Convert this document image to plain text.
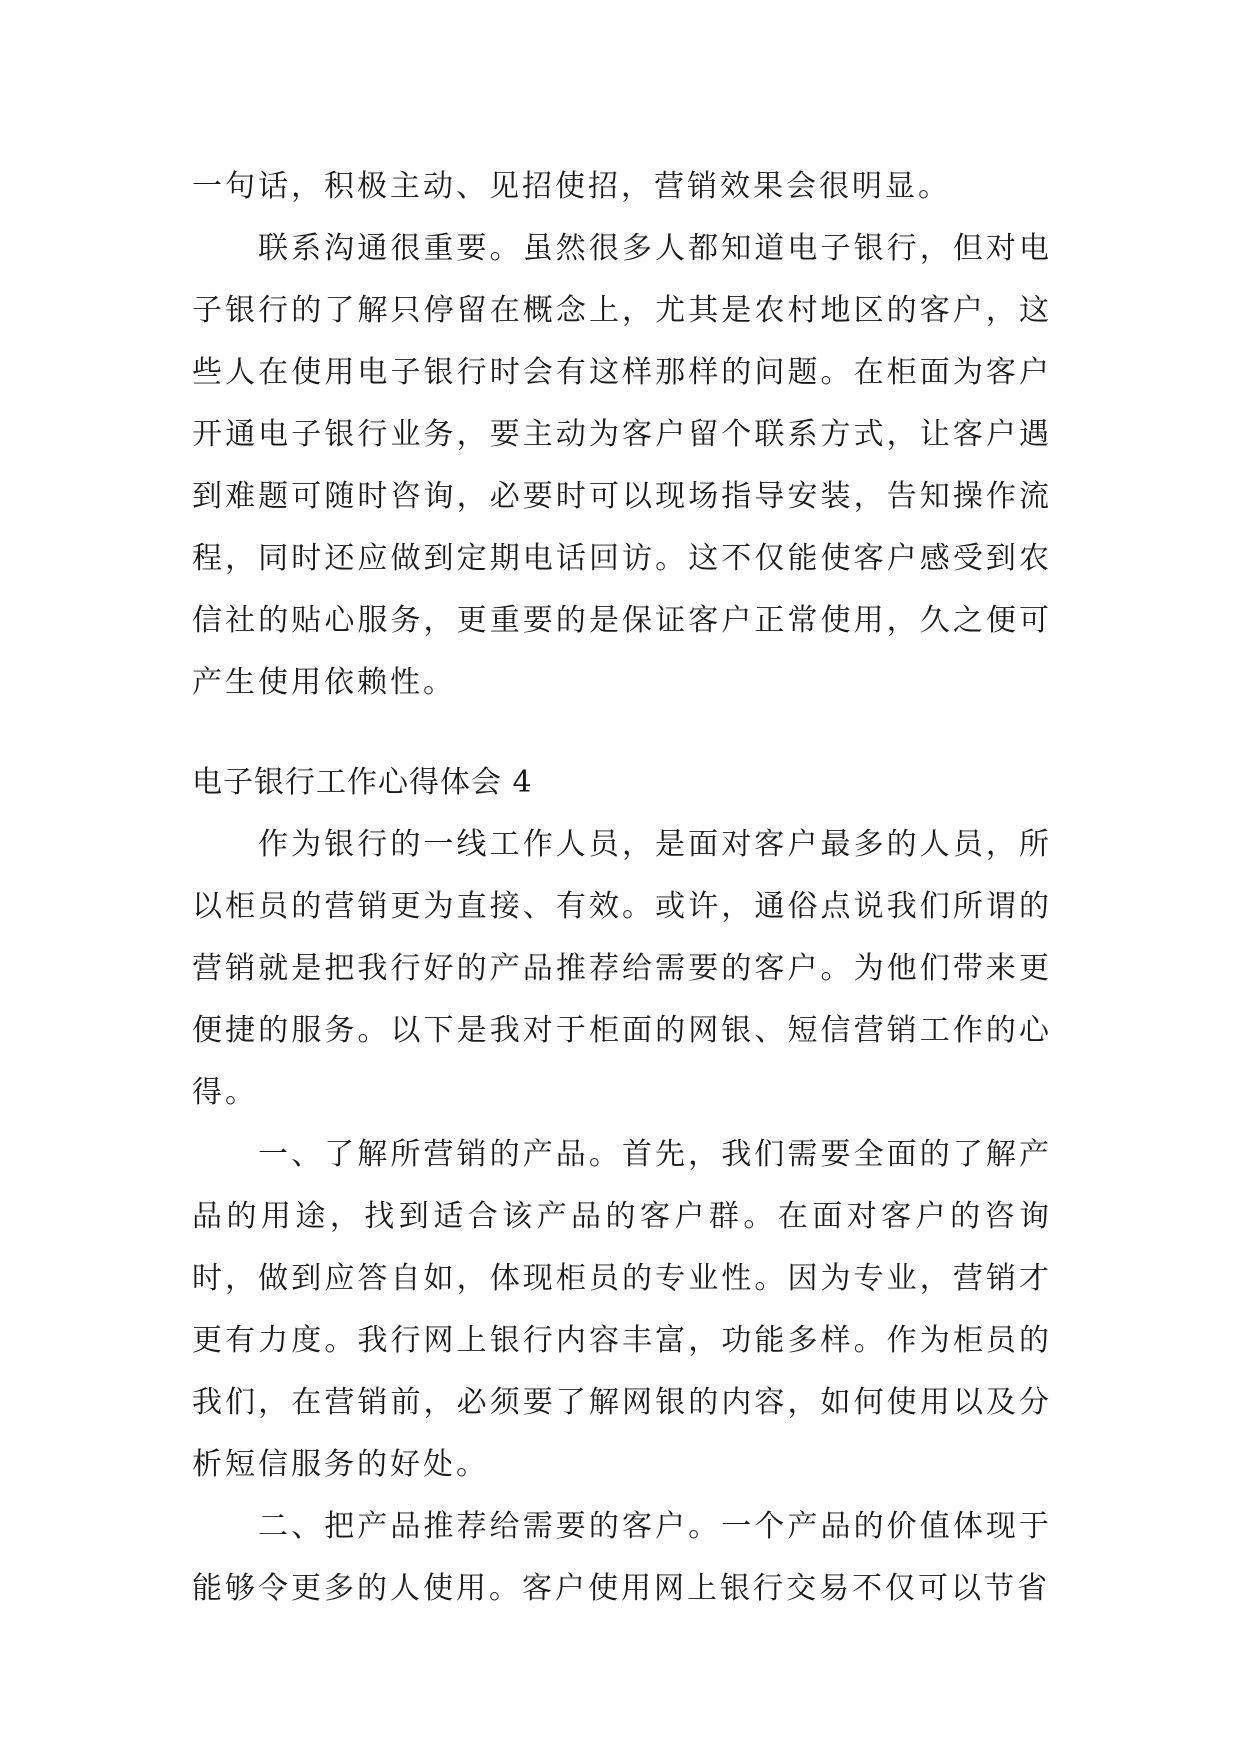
一句话，积极主动、见招使招，营销效果会很明显。

联系沟通很重要。虽然很多人都知道电子银行，但对电子银行的了解只停留在概念上，尤其是农村地区的客户，这些人在使用电子银行时会有这样那样的问题。在柜面为客户开通电子银行业务，要主动为客户留个联系方式，让客户遇到难题可随时咨询，必要时可以现场指导安装，告知操作流程，同时还应做到定期电话回访。这不仅能使客户感受到农信社的贴心服务，更重要的是保证客户正常使用，久之便可产生使用依赖性。

电子银行工作心得体会 4

作为银行的一线工作人员，是面对客户最多的人员，所以柜员的营销更为直接、有效。或许，通俗点说我们所谓的营销就是把我行好的产品推荐给需要的客户。为他们带来更便捷的服务。以下是我对于柜面的网银、短信营销工作的心得。

一、了解所营销的产品。首先，我们需要全面的了解产品的用途，找到适合该产品的客户群。在面对客户的咨询时，做到应答自如，体现柜员的专业性。因为专业，营销才更有力度。我行网上银行内容丰富，功能多样。作为柜员的我们，在营销前，必须要了解网银的内容，如何使用以及分析短信服务的好处。

二、把产品推荐给需要的客户。一个产品的价值体现于能够令更多的人使用。客户使用网上银行交易不仅可以节省
